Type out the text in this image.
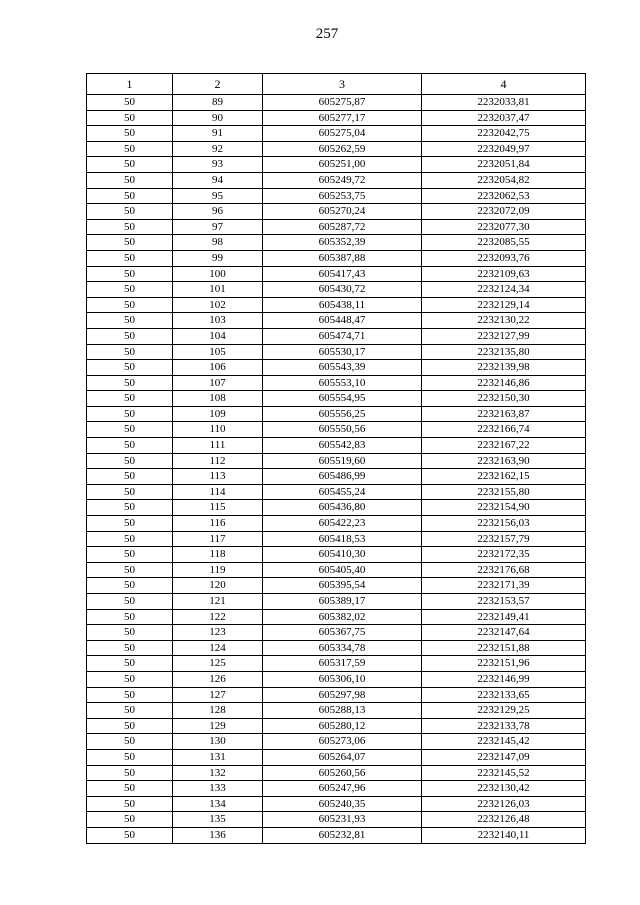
257
1	2	3	4
50	89	605275,87	2232033,81
50	90	605277,17	2232037,47
50	91	605275,04	2232042,75
50	92	605262,59	2232049,97
50	93	605251,00	2232051,84
50	94	605249,72	2232054,82
50	95	605253,75	2232062,53
50	96	605270,24	2232072,09
50	97	605287,72	2232077,30
50	98	605352,39	2232085,55
50	99	605387,88	2232093,76
50	100	605417,43	2232109,63
50	101	605430,72	2232124,34
50	102	605438,11	2232129,14
50	103	605448,47	2232130,22
50	104	605474,71	2232127,99
50	105	605530,17	2232135,80
50	106	605543,39	2232139,98
50	107	605553,10	2232146,86
50	108	605554,95	2232150,30
50	109	605556,25	2232163,87
50	110	605550,56	2232166,74
50	111	605542,83	2232167,22
50	112	605519,60	2232163,90
50	113	605486,99	2232162,15
50	114	605455,24	2232155,80
50	115	605436,80	2232154,90
50	116	605422,23	2232156,03
50	117	605418,53	2232157,79
50	118	605410,30	2232172,35
50	119	605405,40	2232176,68
50	120	605395,54	2232171,39
50	121	605389,17	2232153,57
50	122	605382,02	2232149,41
50	123	605367,75	2232147,64
50	124	605334,78	2232151,88
50	125	605317,59	2232151,96
50	126	605306,10	2232146,99
50	127	605297,98	2232133,65
50	128	605288,13	2232129,25
50	129	605280,12	2232133,78
50	130	605273,06	2232145,42
50	131	605264,07	2232147,09
50	132	605260,56	2232145,52
50	133	605247,96	2232130,42
50	134	605240,35	2232126,03
50	135	605231,93	2232126,48
50	136	605232,81	2232140,11
